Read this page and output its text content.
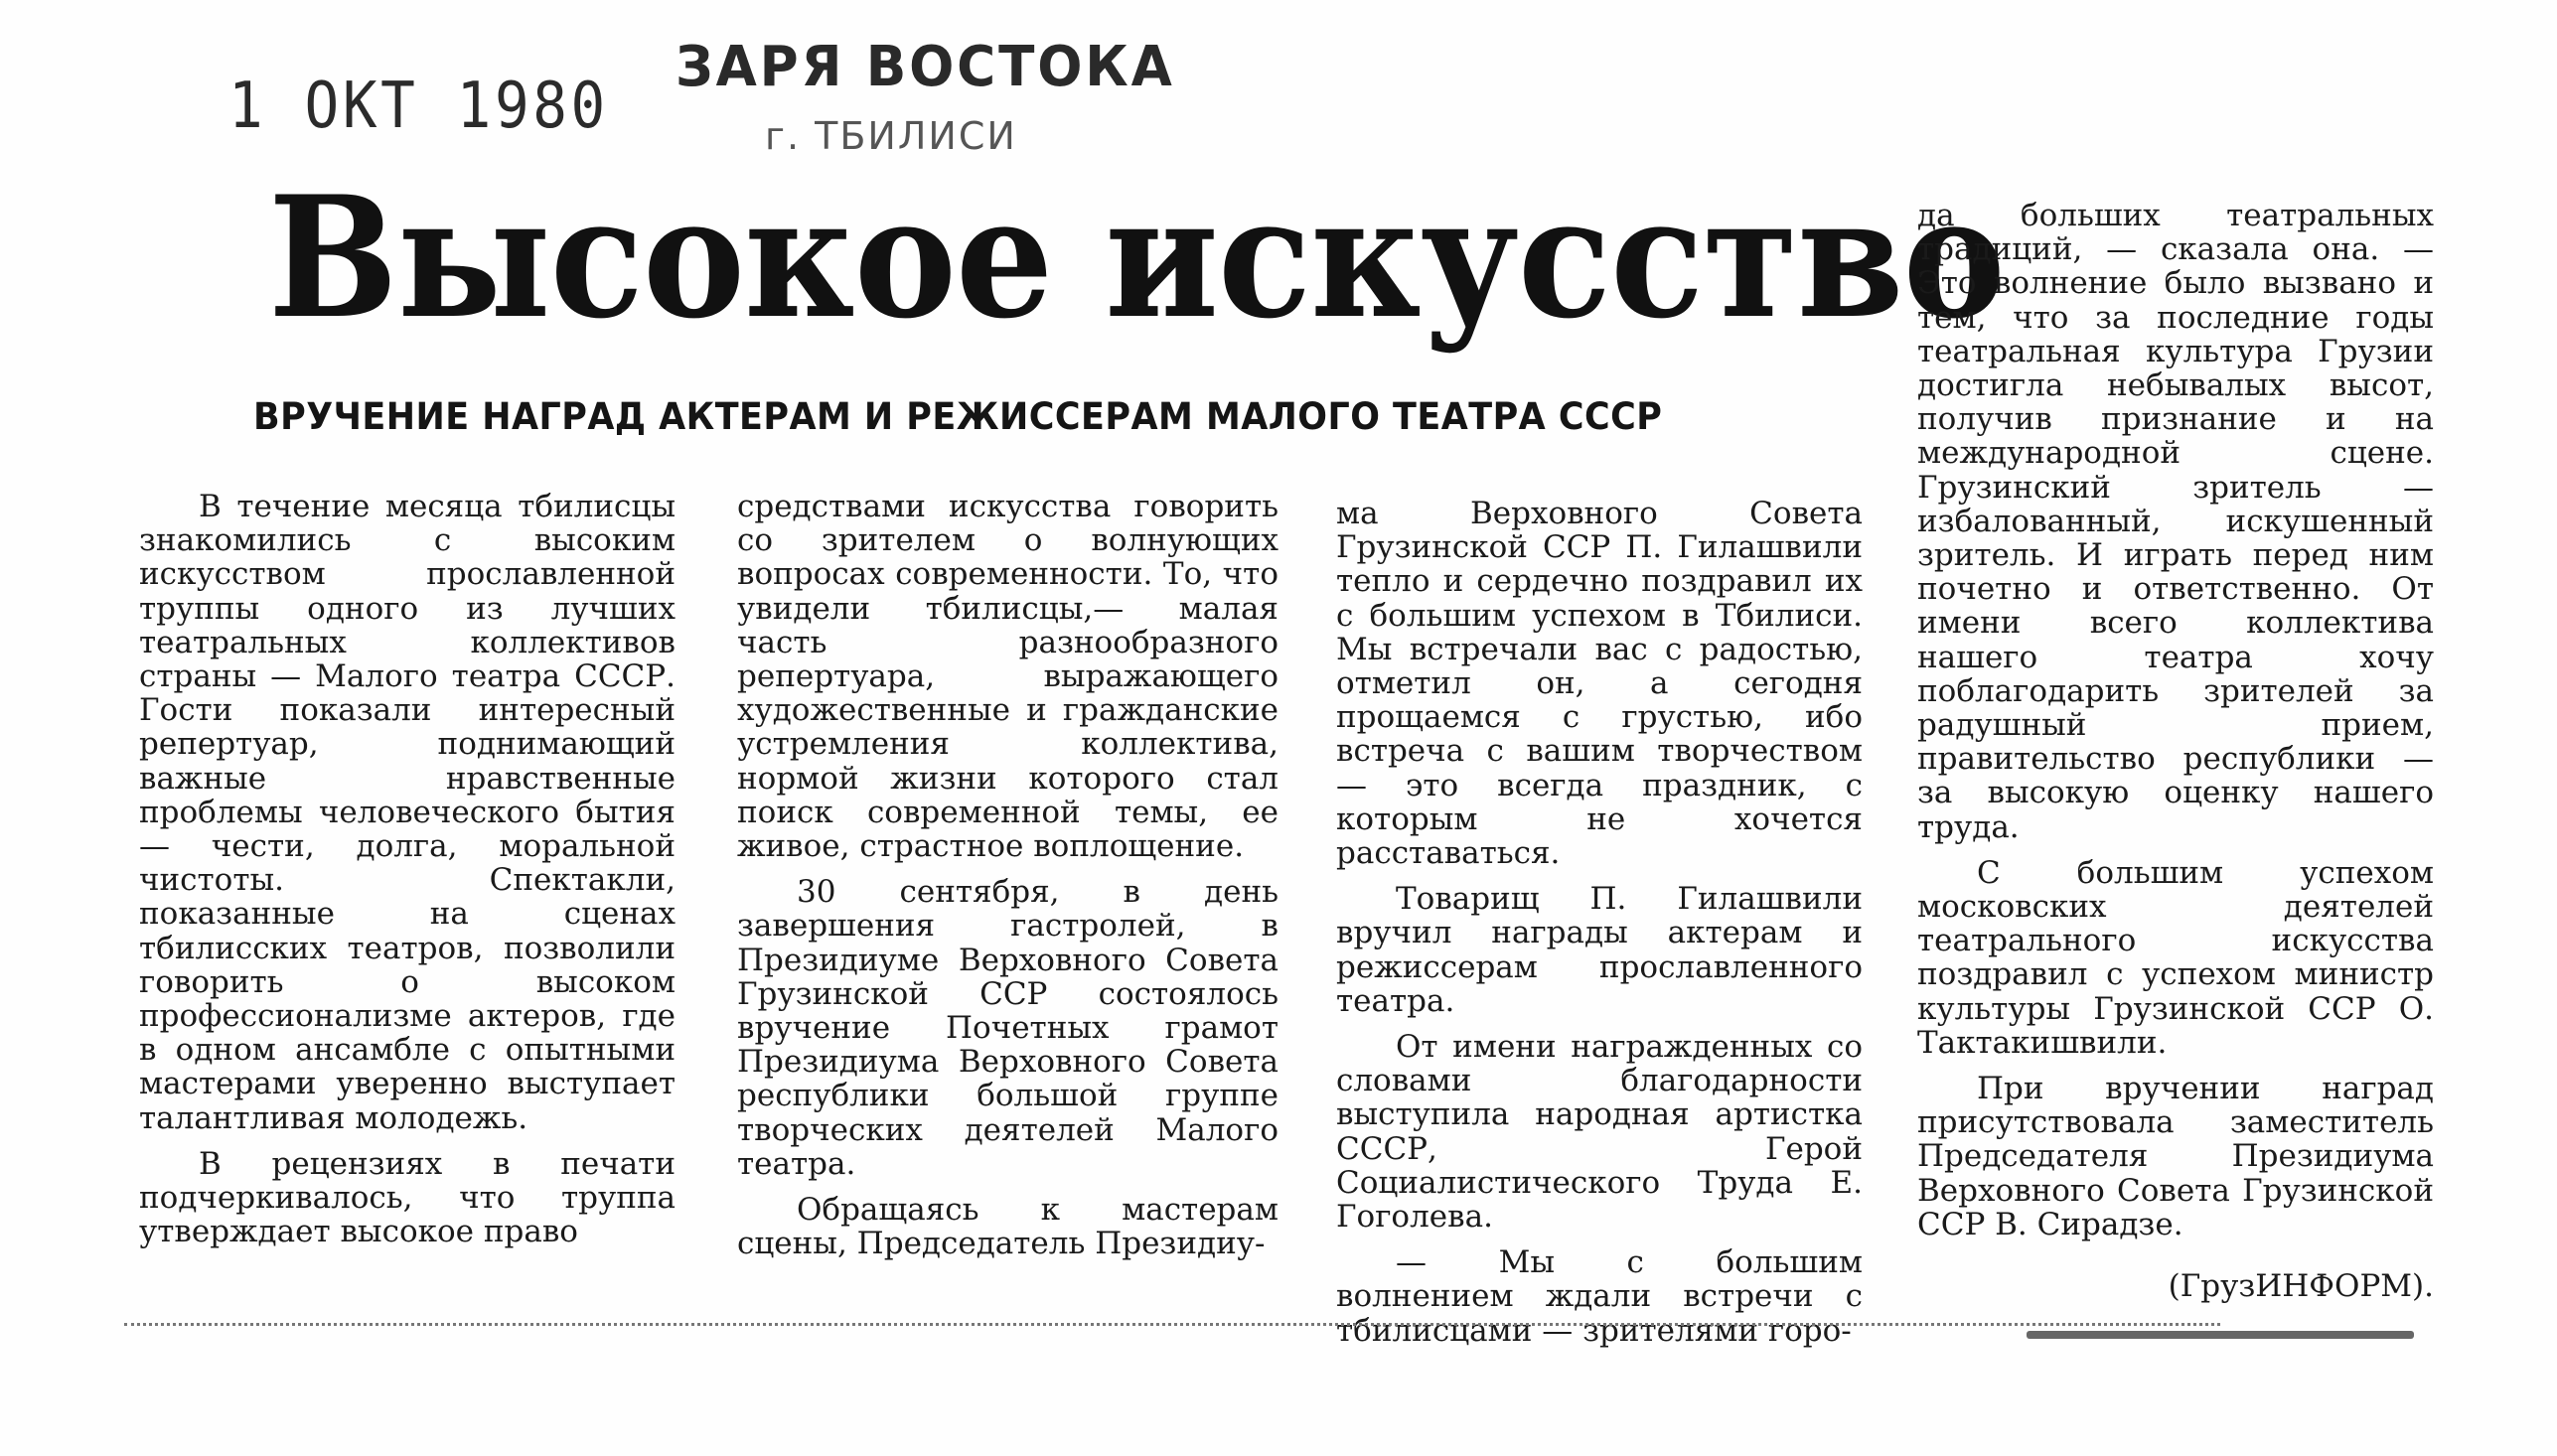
1 ОКТ 1980
ЗАРЯ ВОСТОКА
г. ТБИЛИСИ
Высокое искусство
ВРУЧЕНИЕ НАГРАД АКТЕРАМ И РЕЖИССЕРАМ МАЛОГО ТЕАТРА СССР

В течение месяца тбилисцы знакомились с высоким искусством прославленной труппы одного из лучших театральных коллективов страны — Малого театра СССР. Гости показали интересный репертуар, поднимающий важные нравственные проблемы человеческого бытия — чести, долга, моральной чистоты. Спектакли, показанные на сценах тбилисских театров, позволили говорить о высоком профессионализме актеров, где в одном ансамбле с опытными мастерами уверенно выступает талантливая молодежь.

В рецензиях в печати подчеркивалось, что труппа утверждает высокое право

средствами искусства говорить со зрителем о волнующих вопросах современности. То, что увидели тбилисцы,— малая часть разнообразного репертуара, выражающего художественные и гражданские устремления коллектива, нормой жизни которого стал поиск современной темы, ее живое, страстное воплощение.

30 сентября, в день завершения гастролей, в Президиуме Верховного Совета Грузинской ССР состоялось вручение Почетных грамот Президиума Верховного Совета республики большой группе творческих деятелей Малого театра.

Обращаясь к мастерам сцены, Председатель Президиу-

ма Верховного Совета Грузинской ССР П. Гилашвили тепло и сердечно поздравил их с большим успехом в Тбилиси. Мы встречали вас с радостью, отметил он, а сегодня прощаемся с грустью, ибо встреча с вашим творчеством — это всегда праздник, с которым не хочется расставаться.

Товарищ П. Гилашвили вручил награды актерам и режиссерам прославленного театра.

От имени награжденных со словами благодарности выступила народная артистка СССР, Герой Социалистического Труда Е. Гоголева.

— Мы с большим волнением ждали встречи с тбилисцами — зрителями горо-

да больших театральных традиций, — сказала она. — Это волнение было вызвано и тем, что за последние годы театральная культура Грузии достигла небывалых высот, получив признание и на международной сцене. Грузинский зритель — избалованный, искушенный зритель. И играть перед ним почетно и ответственно. От имени всего коллектива нашего театра хочу поблагодарить зрителей за радушный прием, правительство республики — за высокую оценку нашего труда.

С большим успехом московских деятелей театрального искусства поздравил с успехом министр культуры Грузинской ССР О. Тактакишвили.

При вручении наград присутствовала заместитель Председателя Президиума Верховного Совета Грузинской ССР В. Сирадзе.

(ГрузИНФОРМ).
